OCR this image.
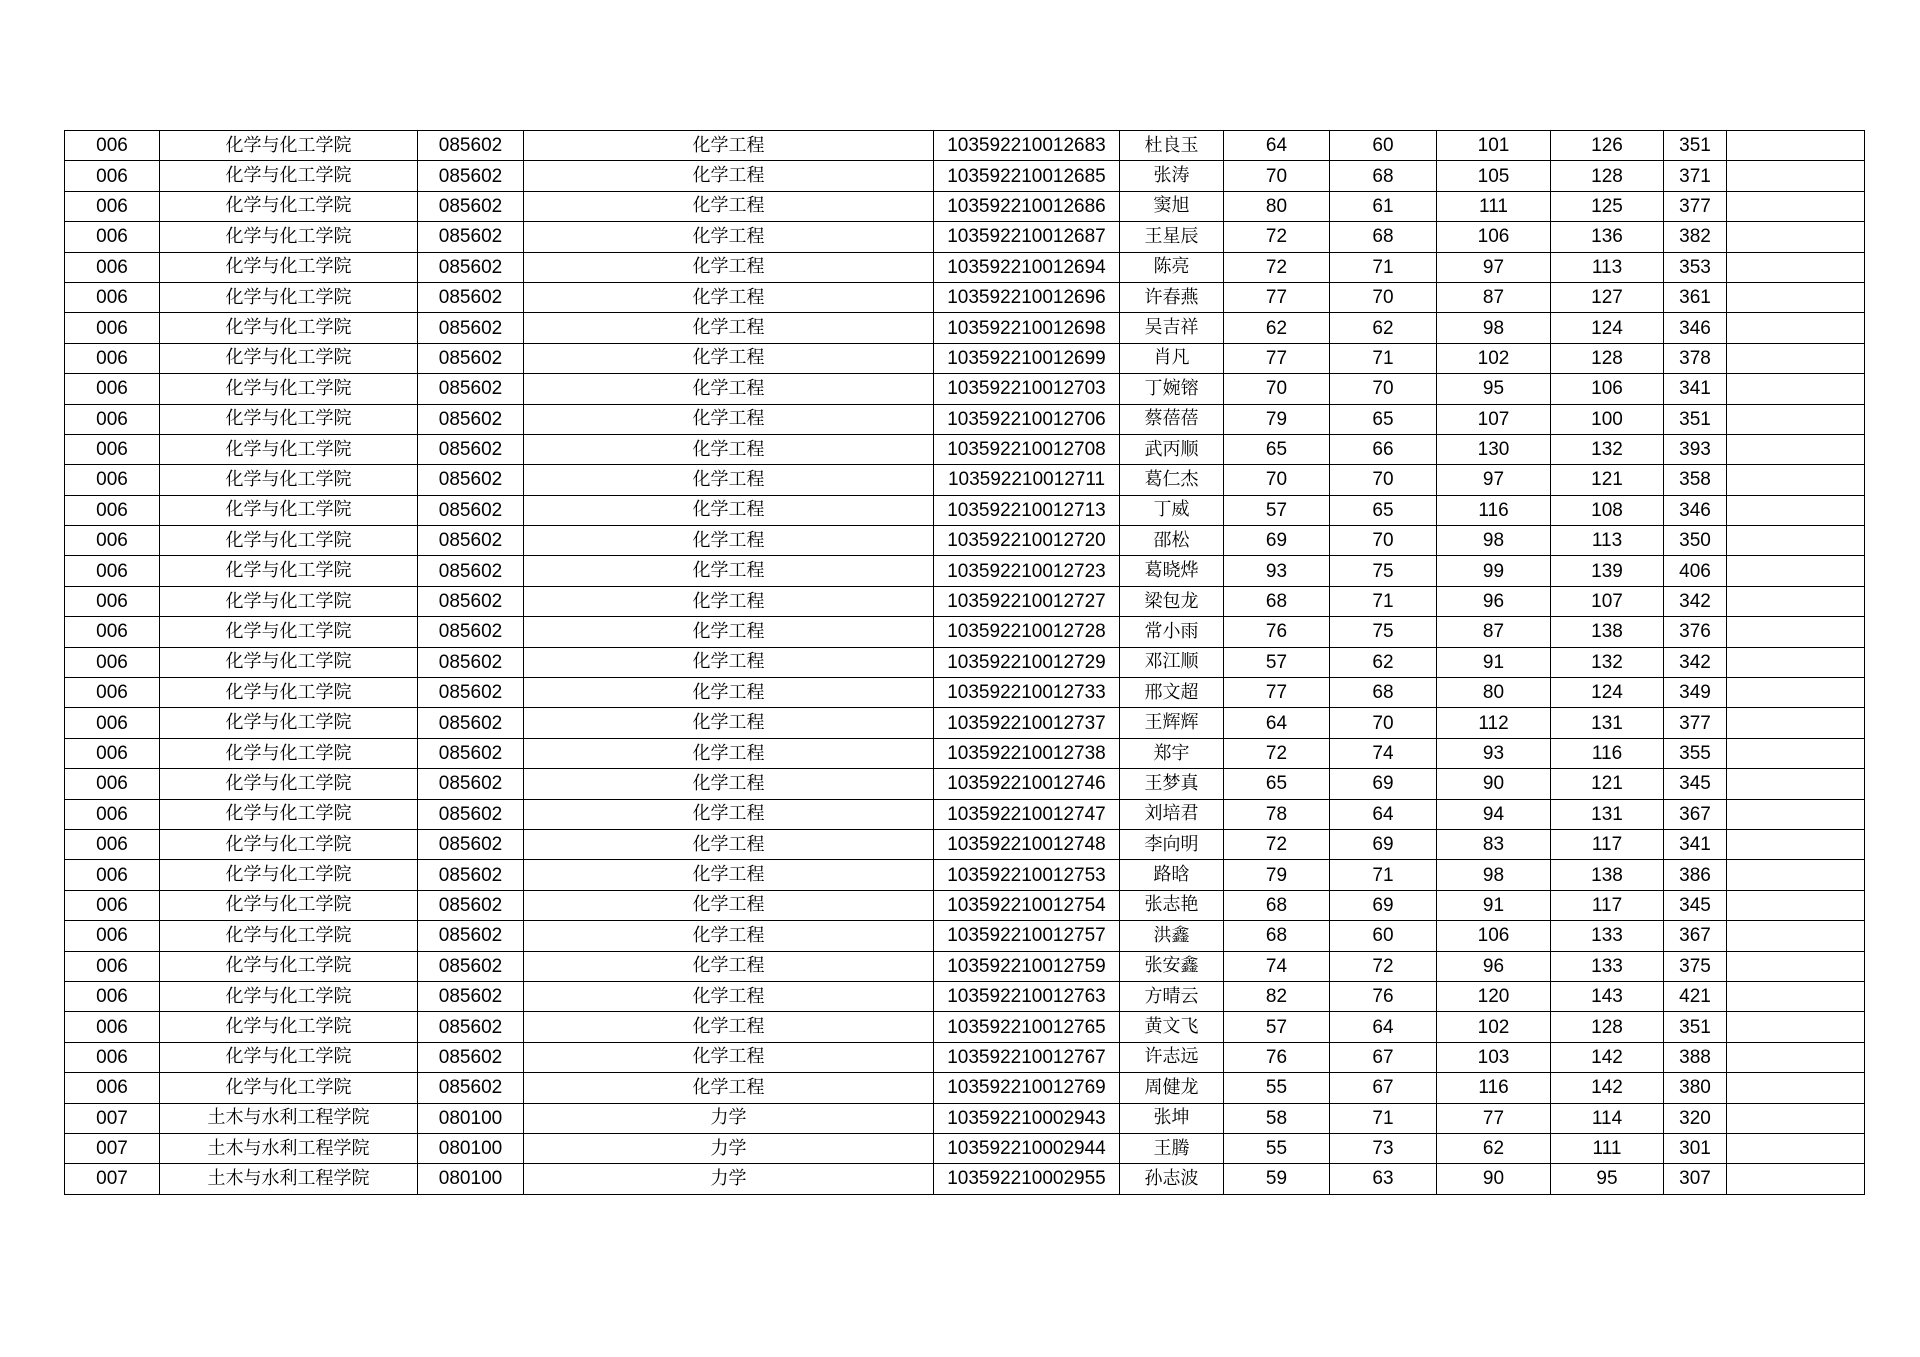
006	化学与化工学院	085602	化学工程	103592210012683	杜良玉	64	60	101	126	351	
006	化学与化工学院	085602	化学工程	103592210012685	张涛	70	68	105	128	371	
006	化学与化工学院	085602	化学工程	103592210012686	窦旭	80	61	111	125	377	
006	化学与化工学院	085602	化学工程	103592210012687	王星辰	72	68	106	136	382	
006	化学与化工学院	085602	化学工程	103592210012694	陈亮	72	71	97	113	353	
006	化学与化工学院	085602	化学工程	103592210012696	许春燕	77	70	87	127	361	
006	化学与化工学院	085602	化学工程	103592210012698	吴吉祥	62	62	98	124	346	
006	化学与化工学院	085602	化学工程	103592210012699	肖凡	77	71	102	128	378	
006	化学与化工学院	085602	化学工程	103592210012703	丁婉镕	70	70	95	106	341	
006	化学与化工学院	085602	化学工程	103592210012706	蔡蓓蓓	79	65	107	100	351	
006	化学与化工学院	085602	化学工程	103592210012708	武丙顺	65	66	130	132	393	
006	化学与化工学院	085602	化学工程	103592210012711	葛仁杰	70	70	97	121	358	
006	化学与化工学院	085602	化学工程	103592210012713	丁威	57	65	116	108	346	
006	化学与化工学院	085602	化学工程	103592210012720	邵松	69	70	98	113	350	
006	化学与化工学院	085602	化学工程	103592210012723	葛晓烨	93	75	99	139	406	
006	化学与化工学院	085602	化学工程	103592210012727	梁包龙	68	71	96	107	342	
006	化学与化工学院	085602	化学工程	103592210012728	常小雨	76	75	87	138	376	
006	化学与化工学院	085602	化学工程	103592210012729	邓江顺	57	62	91	132	342	
006	化学与化工学院	085602	化学工程	103592210012733	邢文超	77	68	80	124	349	
006	化学与化工学院	085602	化学工程	103592210012737	王辉辉	64	70	112	131	377	
006	化学与化工学院	085602	化学工程	103592210012738	郑宇	72	74	93	116	355	
006	化学与化工学院	085602	化学工程	103592210012746	王梦真	65	69	90	121	345	
006	化学与化工学院	085602	化学工程	103592210012747	刘培君	78	64	94	131	367	
006	化学与化工学院	085602	化学工程	103592210012748	李向明	72	69	83	117	341	
006	化学与化工学院	085602	化学工程	103592210012753	路晗	79	71	98	138	386	
006	化学与化工学院	085602	化学工程	103592210012754	张志艳	68	69	91	117	345	
006	化学与化工学院	085602	化学工程	103592210012757	洪鑫	68	60	106	133	367	
006	化学与化工学院	085602	化学工程	103592210012759	张安鑫	74	72	96	133	375	
006	化学与化工学院	085602	化学工程	103592210012763	方晴云	82	76	120	143	421	
006	化学与化工学院	085602	化学工程	103592210012765	黄文飞	57	64	102	128	351	
006	化学与化工学院	085602	化学工程	103592210012767	许志远	76	67	103	142	388	
006	化学与化工学院	085602	化学工程	103592210012769	周健龙	55	67	116	142	380	
007	土木与水利工程学院	080100	力学	103592210002943	张坤	58	71	77	114	320	
007	土木与水利工程学院	080100	力学	103592210002944	王腾	55	73	62	111	301	
007	土木与水利工程学院	080100	力学	103592210002955	孙志波	59	63	90	95	307	
